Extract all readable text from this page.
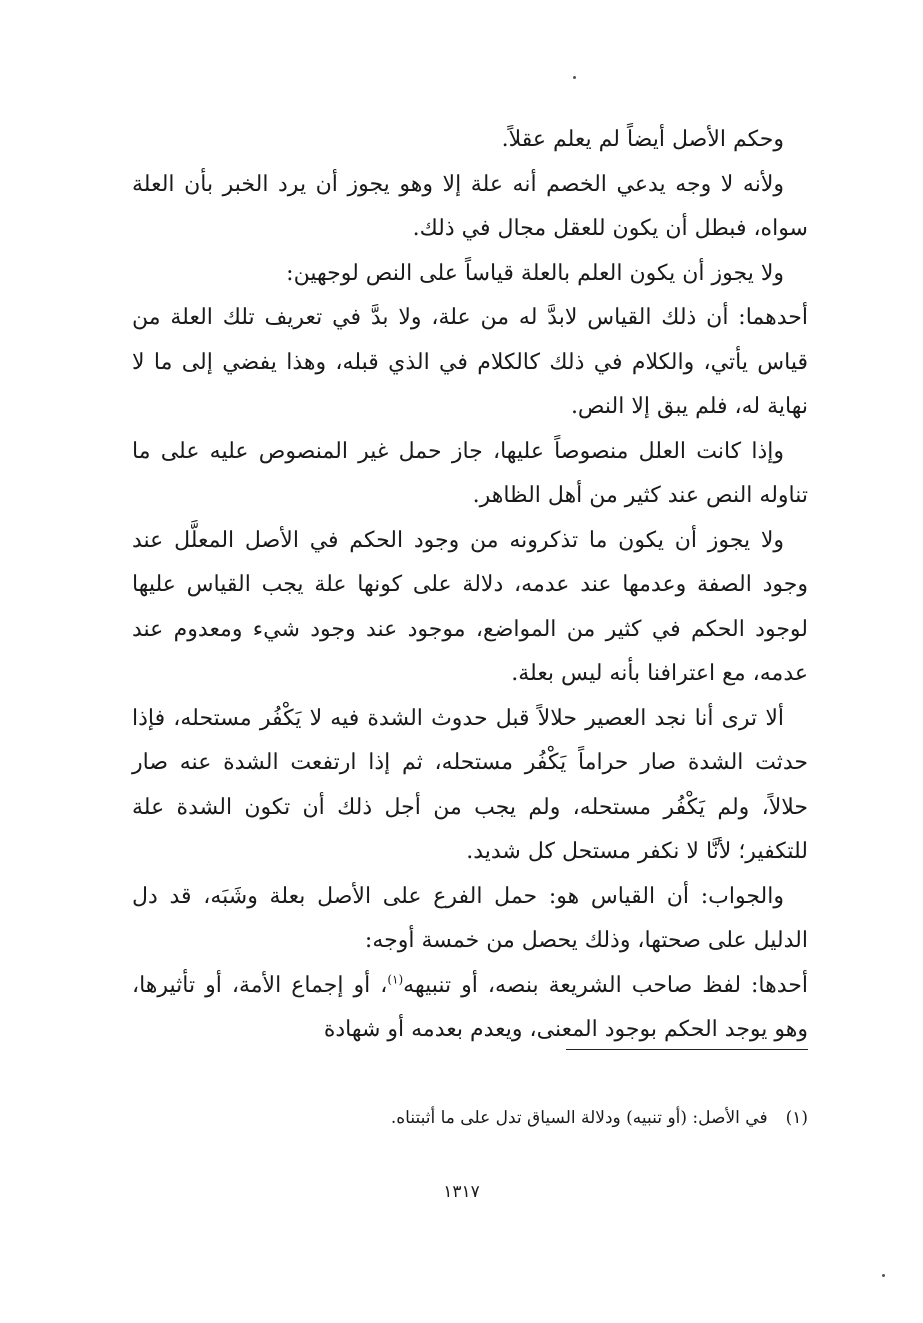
وحكم الأصل أيضاً لم يعلم عقلاً.

ولأنه لا وجه يدعي الخصم أنه علة إلا وهو يجوز أن يرد الخبر بأن العلة سواه، فبطل أن يكون للعقل مجال في ذلك.

ولا يجوز أن يكون العلم بالعلة قياساً على النص لوجهين:

أحدهما: أن ذلك القياس لابدَّ له من علة، ولا بدَّ في تعريف تلك العلة من قياس يأتي، والكلام في ذلك كالكلام في الذي قبله، وهذا يفضي إلى ما لا نهاية له، فلم يبق إلا النص.

وإذا كانت العلل منصوصاً عليها، جاز حمل غير المنصوص عليه على ما تناوله النص عند كثير من أهل الظاهر.

ولا يجوز أن يكون ما تذكرونه من وجود الحكم في الأصل المعلَّل عند وجود الصفة وعدمها عند عدمه، دلالة على كونها علة يجب القياس عليها لوجود الحكم في كثير من المواضع، موجود عند وجود شيء ومعدوم عند عدمه، مع اعترافنا بأنه ليس بعلة.

ألا ترى أنا نجد العصير حلالاً قبل حدوث الشدة فيه لا يَكْفُر مستحله، فإذا حدثت الشدة صار حراماً يَكْفُر مستحله، ثم إذا ارتفعت الشدة عنه صار حلالاً، ولم يَكْفُر مستحله، ولم يجب من أجل ذلك أن تكون الشدة علة للتكفير؛ لأنَّا لا نكفر مستحل كل شديد.

والجواب: أن القياس هو: حمل الفرع على الأصل بعلة وشَبَه، قد دل الدليل على صحتها، وذلك يحصل من خمسة أوجه:

أحدها: لفظ صاحب الشريعة بنصه، أو تنبيهه$^{(١)}$، أو إجماع الأمة، أو تأثيرها، وهو يوجد الحكم بوجود المعنى، ويعدم بعدمه أو شهادة

(١)في الأصل: (أو تنبيه) ودلالة السياق تدل على ما أثبتناه.
١٣١٧
